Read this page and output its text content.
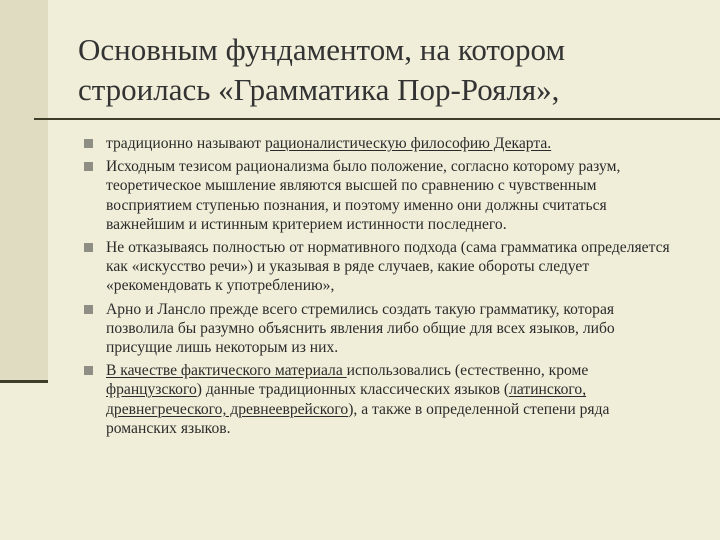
Основным фундаментом, на котором
строилась «Грамматика Пор-Рояля»,
традиционно называют рационалистическую философию Декарта.
Исходным тезисом рационализма было положение, согласно которому разум, теоретическое мышление являются высшей по сравнению с чувственным восприятием ступенью познания, и поэтому именно они должны считаться важнейшим и истинным критерием истинности последнего.
Не отказываясь полностью от нормативного подхода (сама грамматика определяется как «искусство речи») и указывая в ряде случаев, какие обороты следует «рекомендовать к употреблению»,
Арно и Лансло прежде всего стремились создать такую грамматику, которая позволила бы разумно объяснить явления либо общие для всех языков, либо присущие лишь некоторым из них.
В качестве фактического материала использовались (естественно, кроме французского) данные традиционных классических языков (латинского, древнегреческого, древнееврейского), а также в определенной степени ряда романских языков.
